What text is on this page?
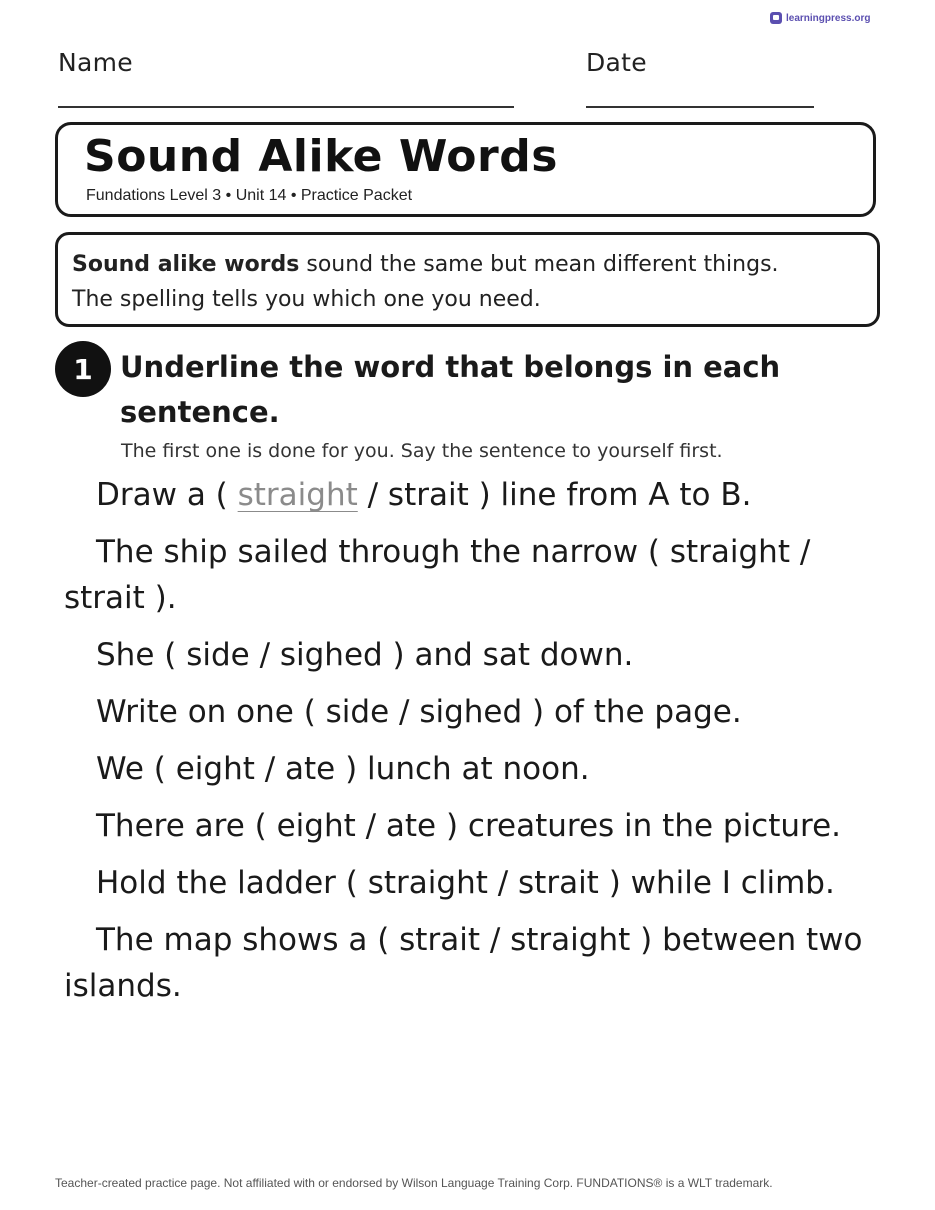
learningpress.org
Name	Date
Sound Alike Words
Fundations Level 3 • Unit 14 • Practice Packet
Sound alike words sound the same but mean different things.
The spelling tells you which one you need.
1 Underline the word that belongs in each sentence.
The first one is done for you. Say the sentence to yourself first.
Draw a ( straight / strait ) line from A to B.
The ship sailed through the narrow ( straight / strait ).
She ( side / sighed ) and sat down.
Write on one ( side / sighed ) of the page.
We ( eight / ate ) lunch at noon.
There are ( eight / ate ) creatures in the picture.
Hold the ladder ( straight / strait ) while I climb.
The map shows a ( strait / straight ) between two islands.
Teacher-created practice page. Not affiliated with or endorsed by Wilson Language Training Corp. FUNDATIONS® is a WLT trademark.
